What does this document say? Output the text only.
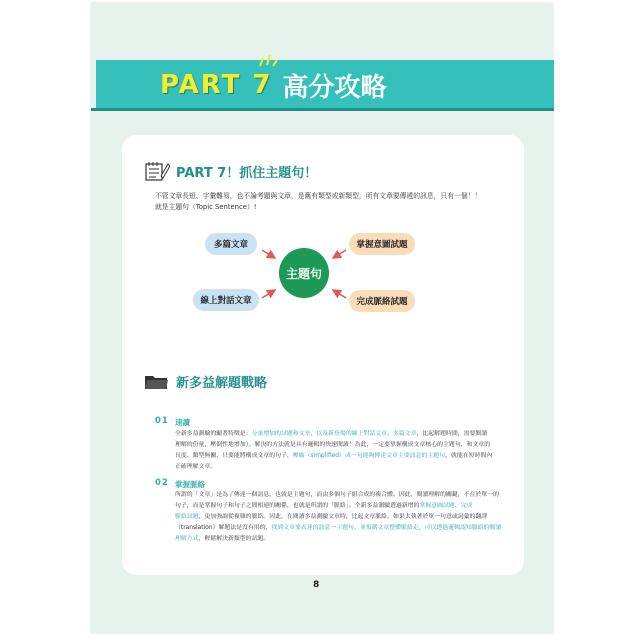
PART 7 高分攻略
PART 7！抓住主題句！
不管文章長短、字彙難易，也不論考題與文章，是舊有類型或新類型，所有文章要傳遞的訊息，只有一個！！
就是主題句（Topic Sentence）!
多篇文章	掌握意圖試題
主題句
線上對話文章	完成脈絡試題
新多益解題戰略
01 速讀
全新多益測驗的顯著特徵是：分量增加的試題和文章，以及新登場的線上對話文章、多篇文章，比起解題時間，需要閱讀
理解的份量，壓倒性地增加）。解決的方法就是具有邏輯的快速閱讀！為此，一定要掌握構成文章核心的主題句，和文章的
長度、類型無關，只要能將構成文章的句子，壓縮（simplified）成一句能夠傳達文章主要訊息的主題句，就能在短時間內
正確理解文章。
02 掌握脈絡
所謂的「文章」是為了傳達一個訊息，也就是主題句，而由多個句子組合成的複合體。因此，閱讀理解的關鍵，不在於單一的
句子，而是掌握句子和句子之間相連的關係，也就是所謂的「脈絡」。全新多益測驗透過新增的掌握意圖試題、完成
脈絡試題，更加強調從複雜的脈絡。因此，在閱讀多益測驗文章時，比起文章脈絡，如果太執著於單一句意或詞彙的翻譯
（translation）解題法是沒有用的，找到文章要表達的訊息一主題句，並預測文章整體脈絡走，可以透過邏輯認知脈絡的閱讀
理解方式，輕鬆解決新類型的試題。
8
